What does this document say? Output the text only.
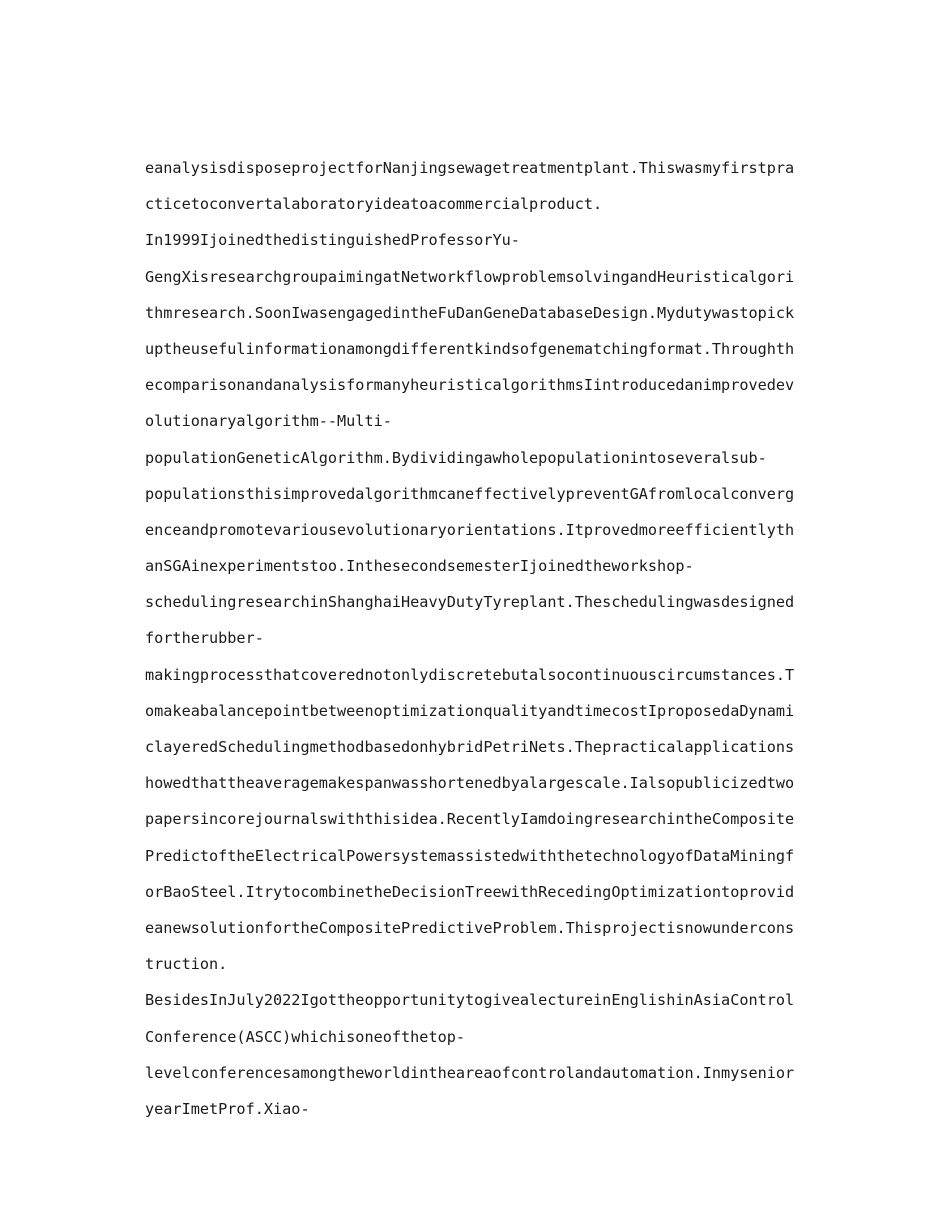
eanalysisdisposeprojectforNanjingsewagetreatmentplant.Thiswasmyfirstpra
cticetoconvertalaboratoryideatoacommercialproduct.
In1999IjoinedthedistinguishedProfessorYu-
GengXisresearchgroupaimingatNetworkflowproblemsolvingandHeuristicalgori
thmresearch.SoonIwasengagedintheFuDanGeneDatabaseDesign.Mydutywastopick
uptheusefulinformationamongdifferentkindsofgenematchingformat.Throughth
ecomparisonandanalysisformanyheuristicalgorithmsIintroducedanimprovedev
olutionaryalgorithm--Multi-
populationGeneticAlgorithm.Bydividingawholepopulationintoseveralsub-
populationsthisimprovedalgorithmcaneffectivelypreventGAfromlocalconverg
enceandpromotevariousevolutionaryorientations.Itprovedmoreefficientlyth
anSGAinexperimentstoo.InthesecondsemesterIjoinedtheworkshop-
schedulingresearchinShanghaiHeavyDutyTyreplant.Theschedulingwasdesigned
fortherubber-
makingprocessthatcoverednotonlydiscretebutalsocontinuouscircumstances.T
omakeabalancepointbetweenoptimizationqualityandtimecostIproposedaDynami
clayeredSchedulingmethodbasedonhybridPetriNets.Thepracticalapplications
howedthattheaveragemakespanwasshortenedbyalargescale.Ialsopublicizedtwo
papersincorejournalswiththisidea.RecentlyIamdoingresearchintheComposite
PredictoftheElectricalPowersystemassistedwiththetechnologyofDataMiningf
orBaoSteel.ItrytocombinetheDecisionTreewithRecedingOptimizationtoprovid
eanewsolutionfortheCompositePredictiveProblem.Thisprojectisnowundercons
truction.
BesidesInJuly2022IgottheopportunitytogivealectureinEnglishinAsiaControl
Conference(ASCC)whichisoneofthetop-
levelconferencesamongtheworldintheareaofcontrolandautomation.Inmysenior
yearImetProf.Xiao-
